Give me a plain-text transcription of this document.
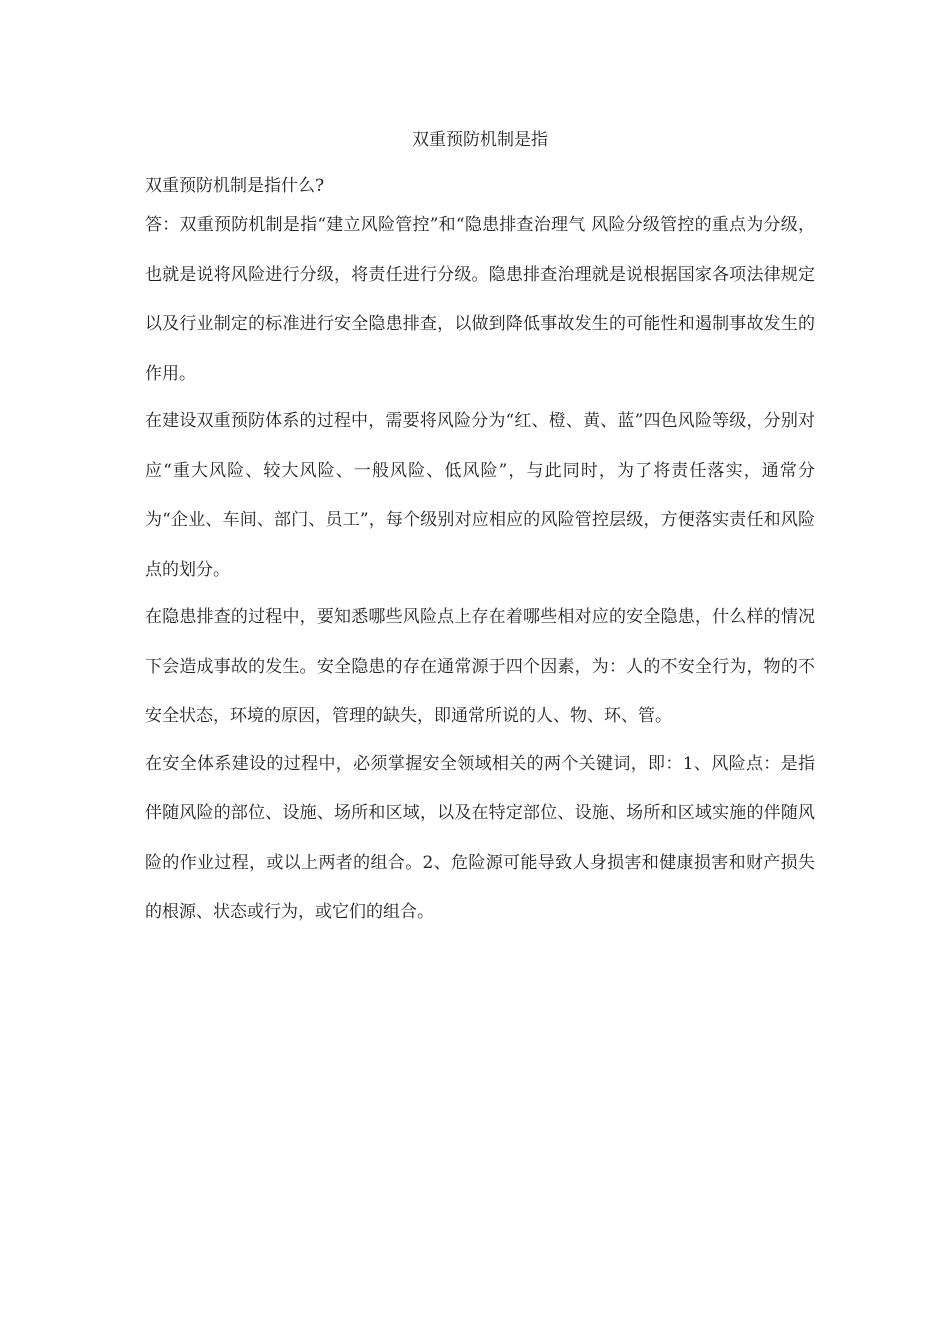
双重预防机制是指

双重预防机制是指什么?

答：双重预防机制是指“建立风险管控”和“隐患排查治理气 风险分级管控的重点为分级，也就是说将风险进行分级，将责任进行分级。隐患排查治理就是说根据国家各项法律规定以及行业制定的标准进行安全隐患排查，以做到降低事故发生的可能性和遏制事故发生的作用。

在建设双重预防体系的过程中，需要将风险分为“红、橙、黄、蓝”四色风险等级，分别对应“重大风险、较大风险、一般风险、低风险”，与此同时，为了将责任落实，通常分为“企业、车间、部门、员工”，每个级别对应相应的风险管控层级，方便落实责任和风险点的划分。

在隐患排查的过程中，要知悉哪些风险点上存在着哪些相对应的安全隐患，什么样的情况下会造成事故的发生。安全隐患的存在通常源于四个因素，为：人的不安全行为，物的不安全状态，环境的原因，管理的缺失，即通常所说的人、物、环、管。

在安全体系建设的过程中，必须掌握安全领域相关的两个关键词，即：1、风险点：是指伴随风险的部位、设施、场所和区域，以及在特定部位、设施、场所和区域实施的伴随风险的作业过程，或以上两者的组合。2、危险源可能导致人身损害和健康损害和财产损失的根源、状态或行为，或它们的组合。
